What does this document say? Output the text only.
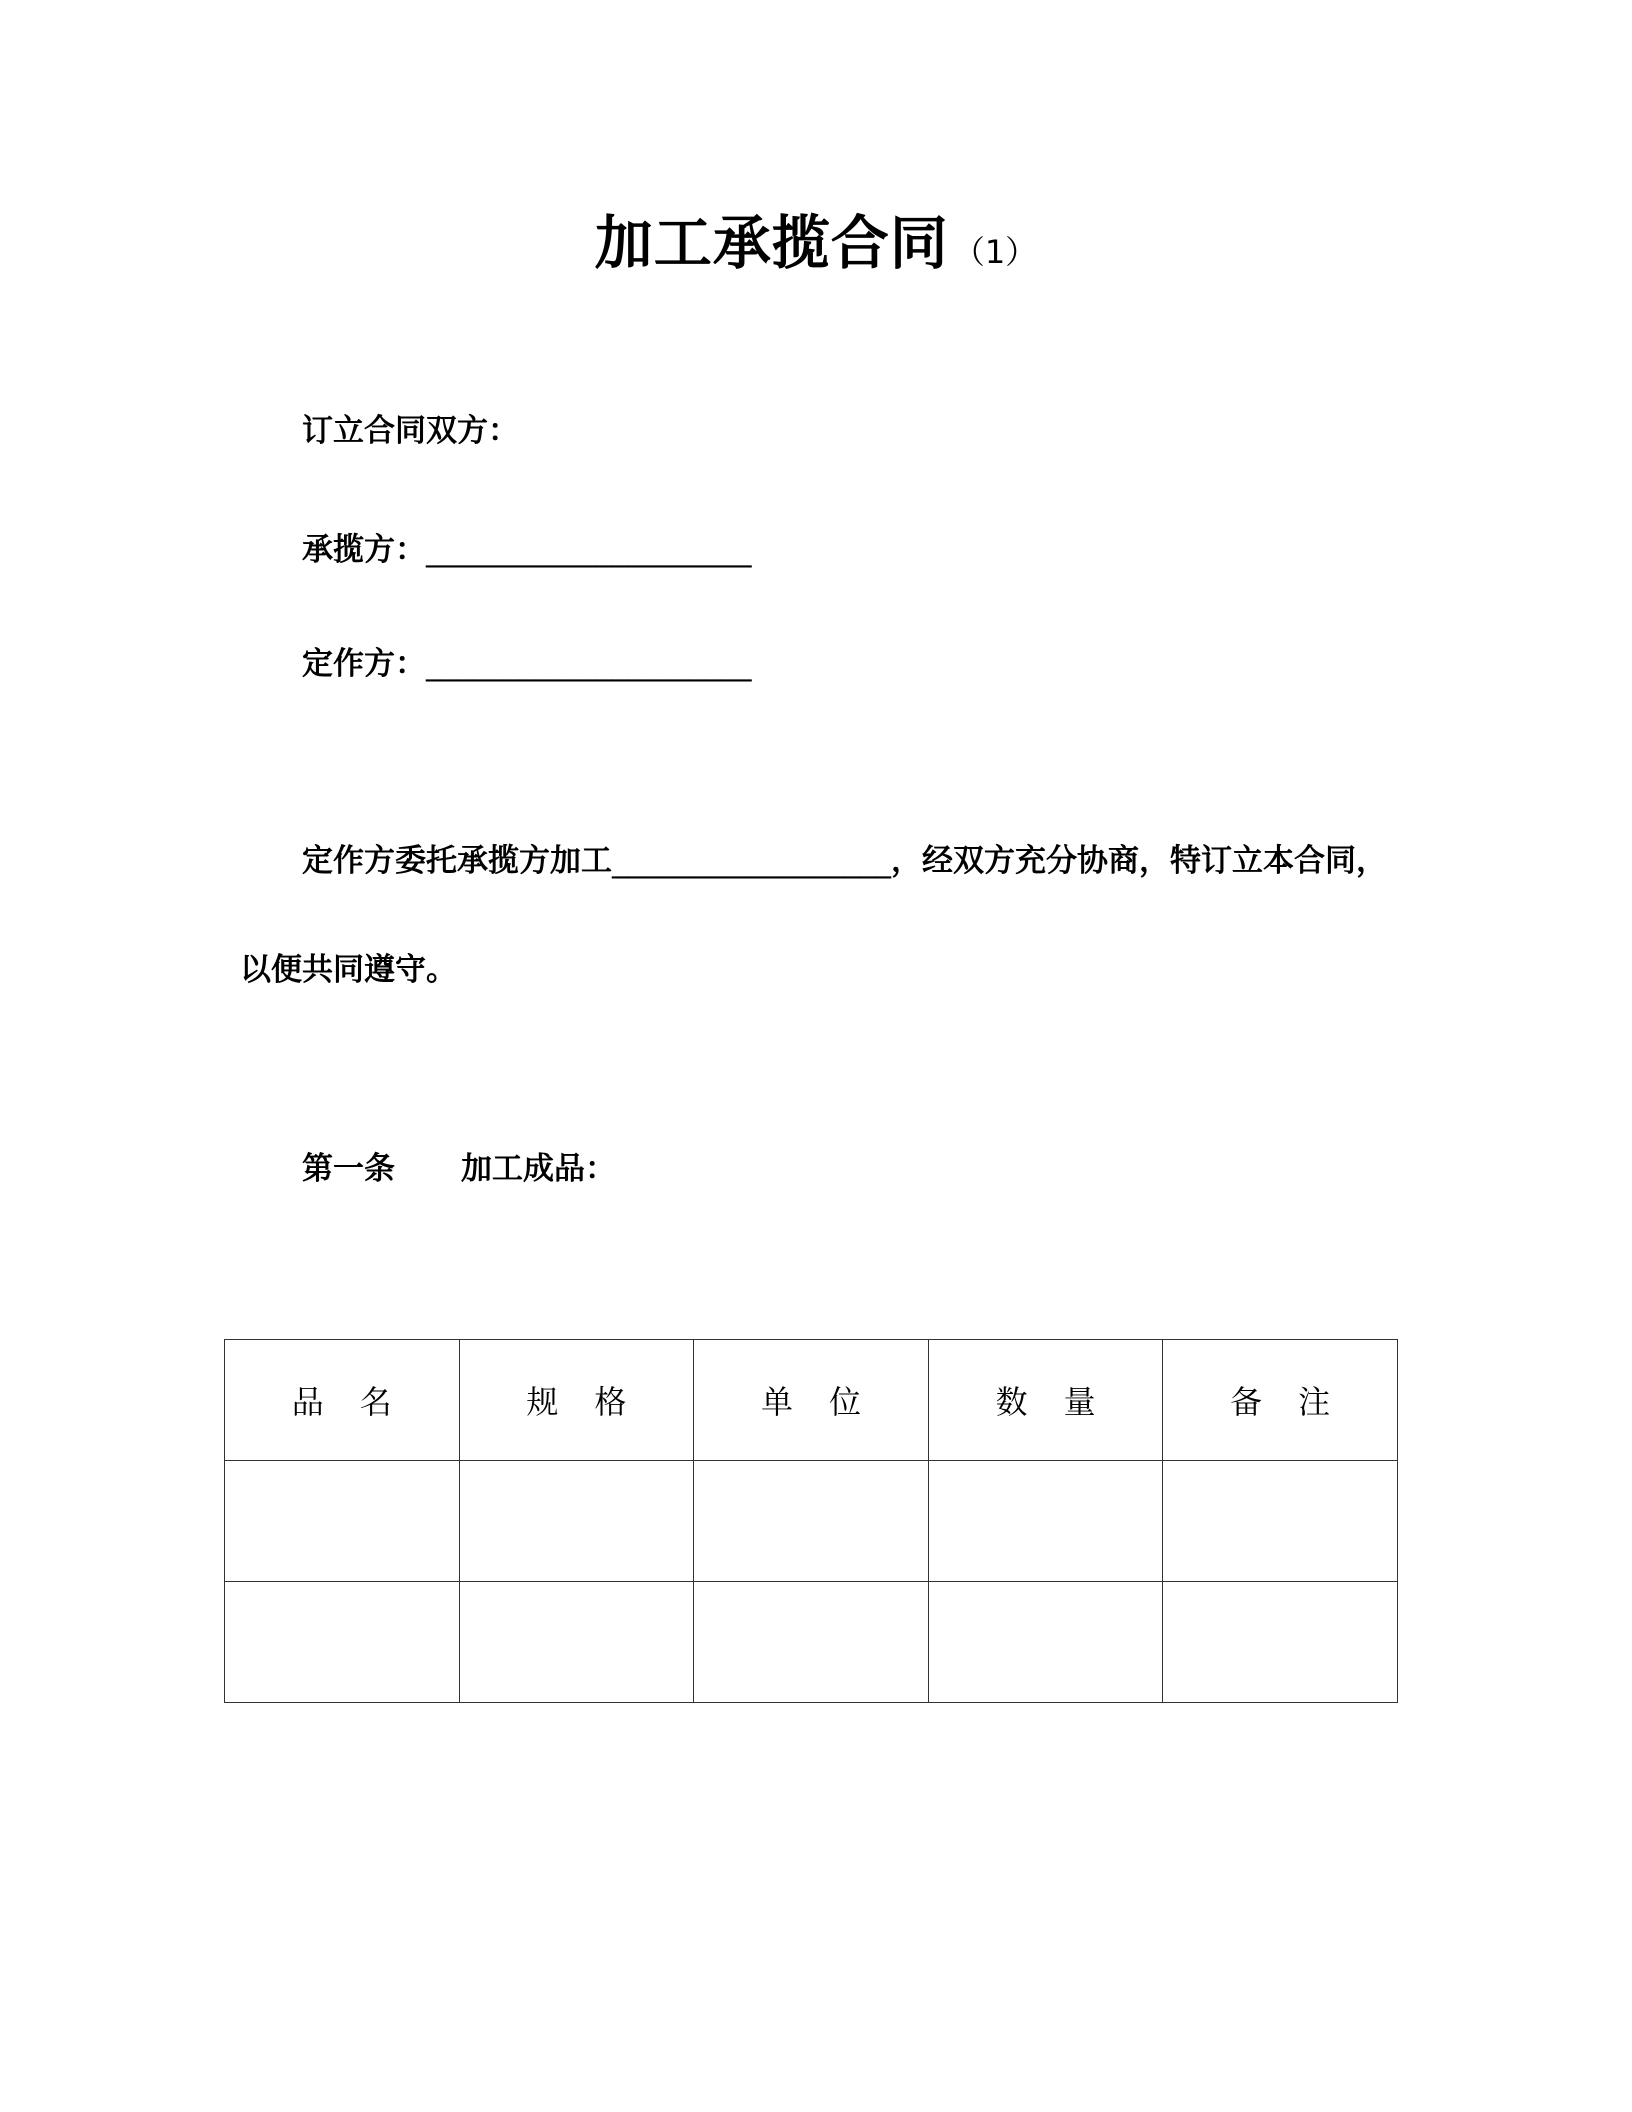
加工承揽合同 （1）
订立合同双方：
承揽方：_____________________
定作方：_____________________
定作方委托承揽方加工__________________，经双方充分协商，特订立本合同，
以便共同遵守。
第一条 加工成品：
品名	规格	单位	数量	备注
